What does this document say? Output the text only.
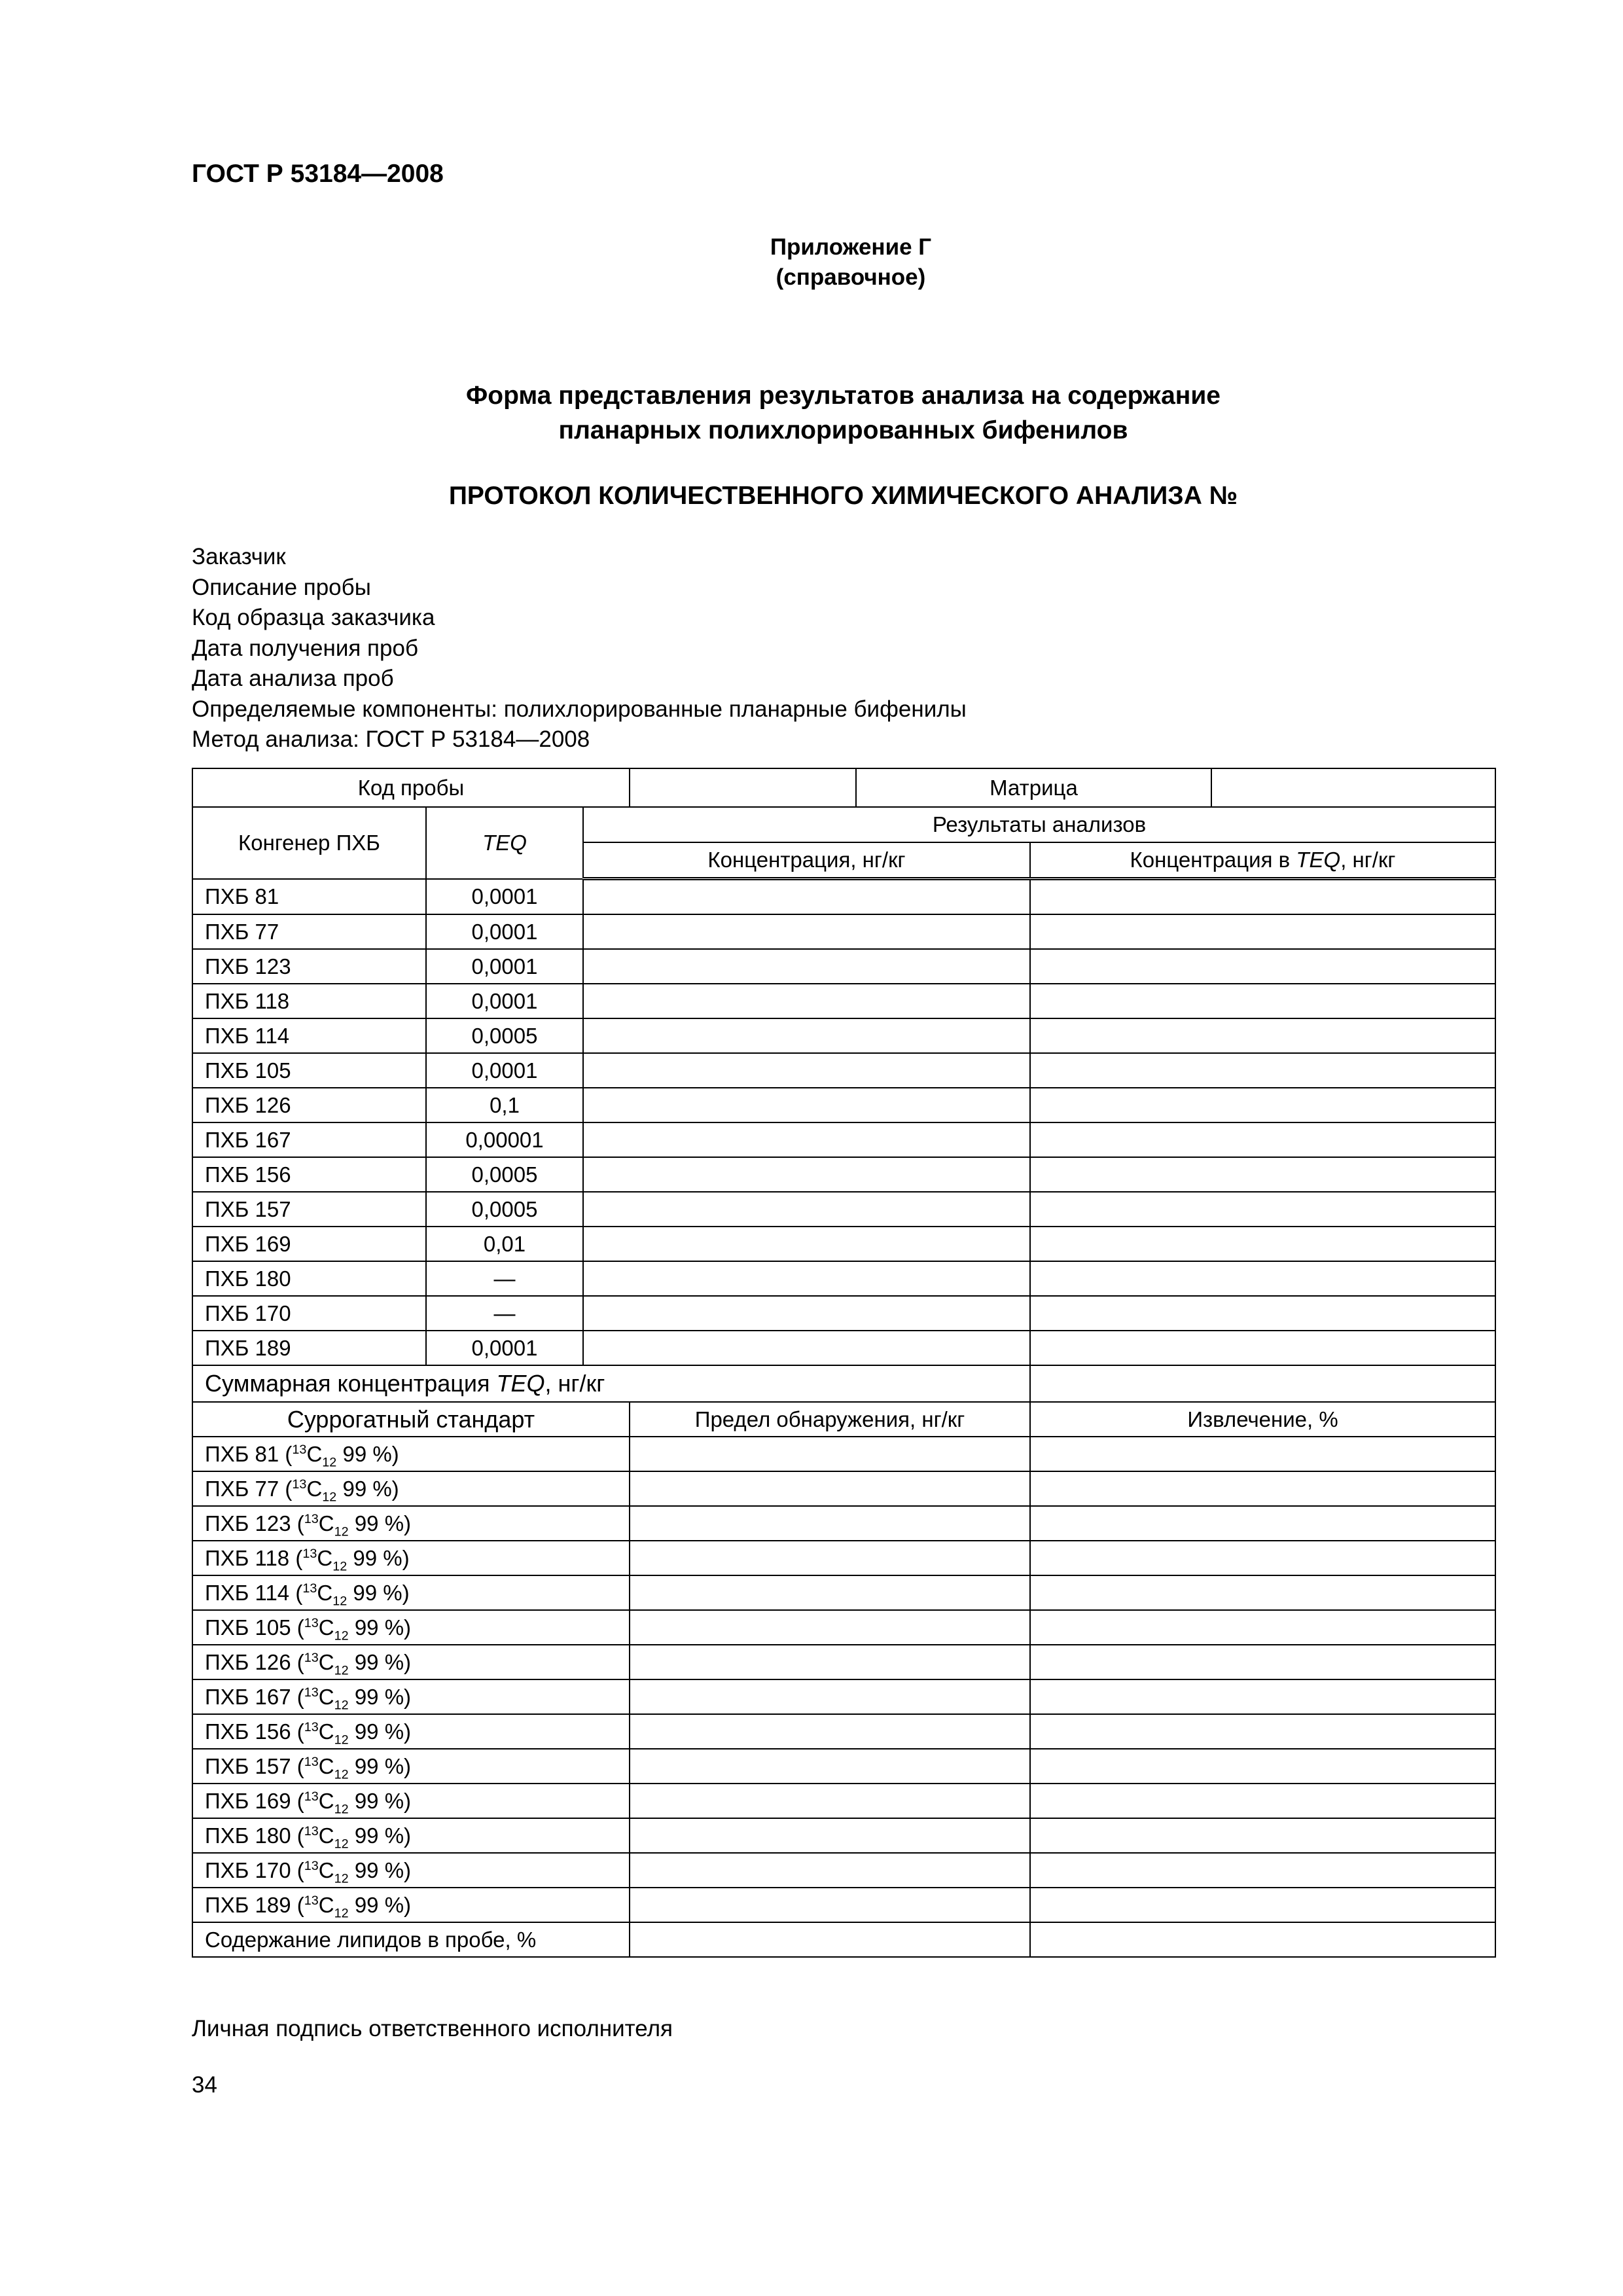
ГОСТ Р 53184—2008
Приложение Г
(справочное)
Форма представления результатов анализа на содержание
планарных полихлорированных бифенилов
ПРОТОКОЛ КОЛИЧЕСТВЕННОГО ХИМИЧЕСКОГО АНАЛИЗА №
Заказчик
Описание пробы
Код образца заказчика
Дата получения проб
Дата анализа проб
Определяемые компоненты: полихлорированные планарные бифенилы
Метод анализа: ГОСТ Р 53184—2008
Код пробы				Матрица		
Конгенер ПХБ	TEQ	Результаты анализов				
		Концентрация, нг/кг			Концентрация в TEQ, нг/кг	
ПХБ 81	0,0001					
ПХБ 77	0,0001					
ПХБ 123	0,0001					
ПХБ 118	0,0001					
ПХБ 114	0,0005					
ПХБ 105	0,0001					
ПХБ 126	0,1					
ПХБ 167	0,00001					
ПХБ 156	0,0005					
ПХБ 157	0,0005					
ПХБ 169	0,01					
ПХБ 180	—					
ПХБ 170	—					
ПХБ 189	0,0001					
Суммарная концентрация TEQ, нг/кг						
Суррогатный стандарт			Предел обнаружения, нг/кг		Извлечение, %	
ПХБ 81 ($^{13}C_{12}$ 99 %)						
ПХБ 77 ($^{13}C_{12}$ 99 %)						
ПХБ 123 ($^{13}C_{12}$ 99 %)						
ПХБ 118 ($^{13}C_{12}$ 99 %)						
ПХБ 114 ($^{13}C_{12}$ 99 %)						
ПХБ 105 ($^{13}C_{12}$ 99 %)						
ПХБ 126 ($^{13}C_{12}$ 99 %)						
ПХБ 167 ($^{13}C_{12}$ 99 %)						
ПХБ 156 ($^{13}C_{12}$ 99 %)						
ПХБ 157 ($^{13}C_{12}$ 99 %)						
ПХБ 169 ($^{13}C_{12}$ 99 %)						
ПХБ 180 ($^{13}C_{12}$ 99 %)						
ПХБ 170 ($^{13}C_{12}$ 99 %)						
ПХБ 189 ($^{13}C_{12}$ 99 %)						
Содержание липидов в пробе, %						
Личная подпись ответственного исполнителя
34
